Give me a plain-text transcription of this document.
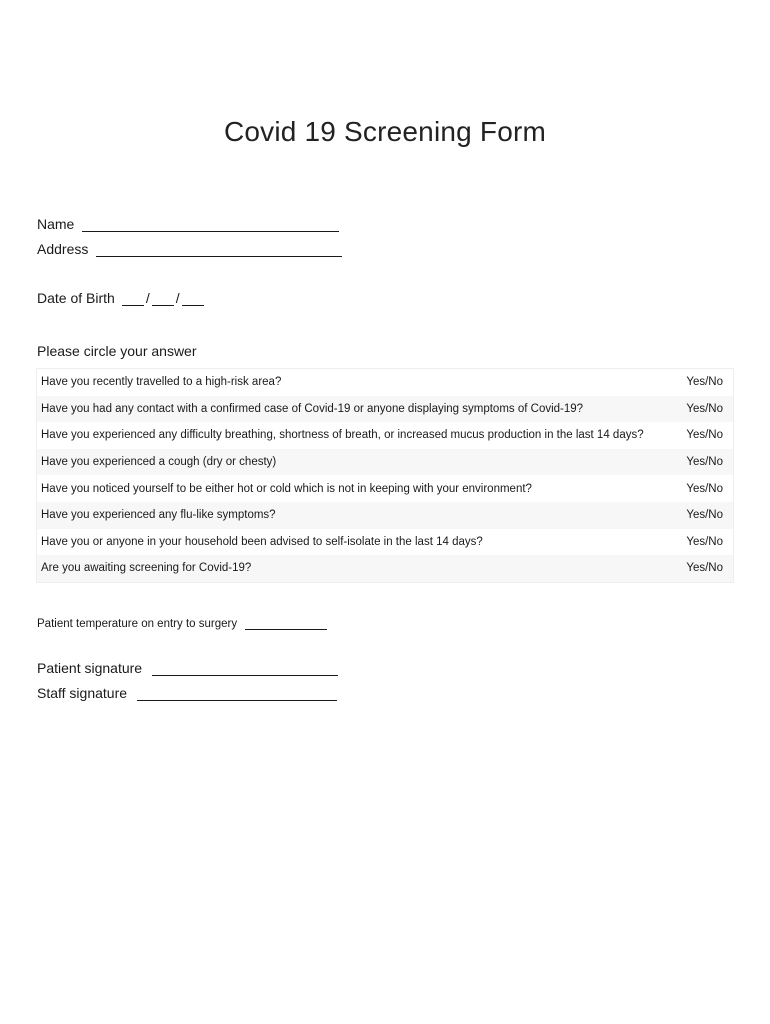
Covid 19 Screening Form
Name
Address
Date of Birth / /
Please circle your answer
Have you recently travelled to a high-risk area?	Yes/No
Have you had any contact with a confirmed case of Covid-19 or anyone displaying symptoms of Covid-19?	Yes/No
Have you experienced any difficulty breathing, shortness of breath, or increased mucus production in the last 14 days?	Yes/No
Have you experienced a cough (dry or chesty)	Yes/No
Have you noticed yourself to be either hot or cold which is not in keeping with your environment?	Yes/No
Have you experienced any flu-like symptoms?	Yes/No
Have you or anyone in your household been advised to self-isolate in the last 14 days?	Yes/No
Are you awaiting screening for Covid-19?	Yes/No
Patient temperature on entry to surgery
Patient signature
Staff signature
